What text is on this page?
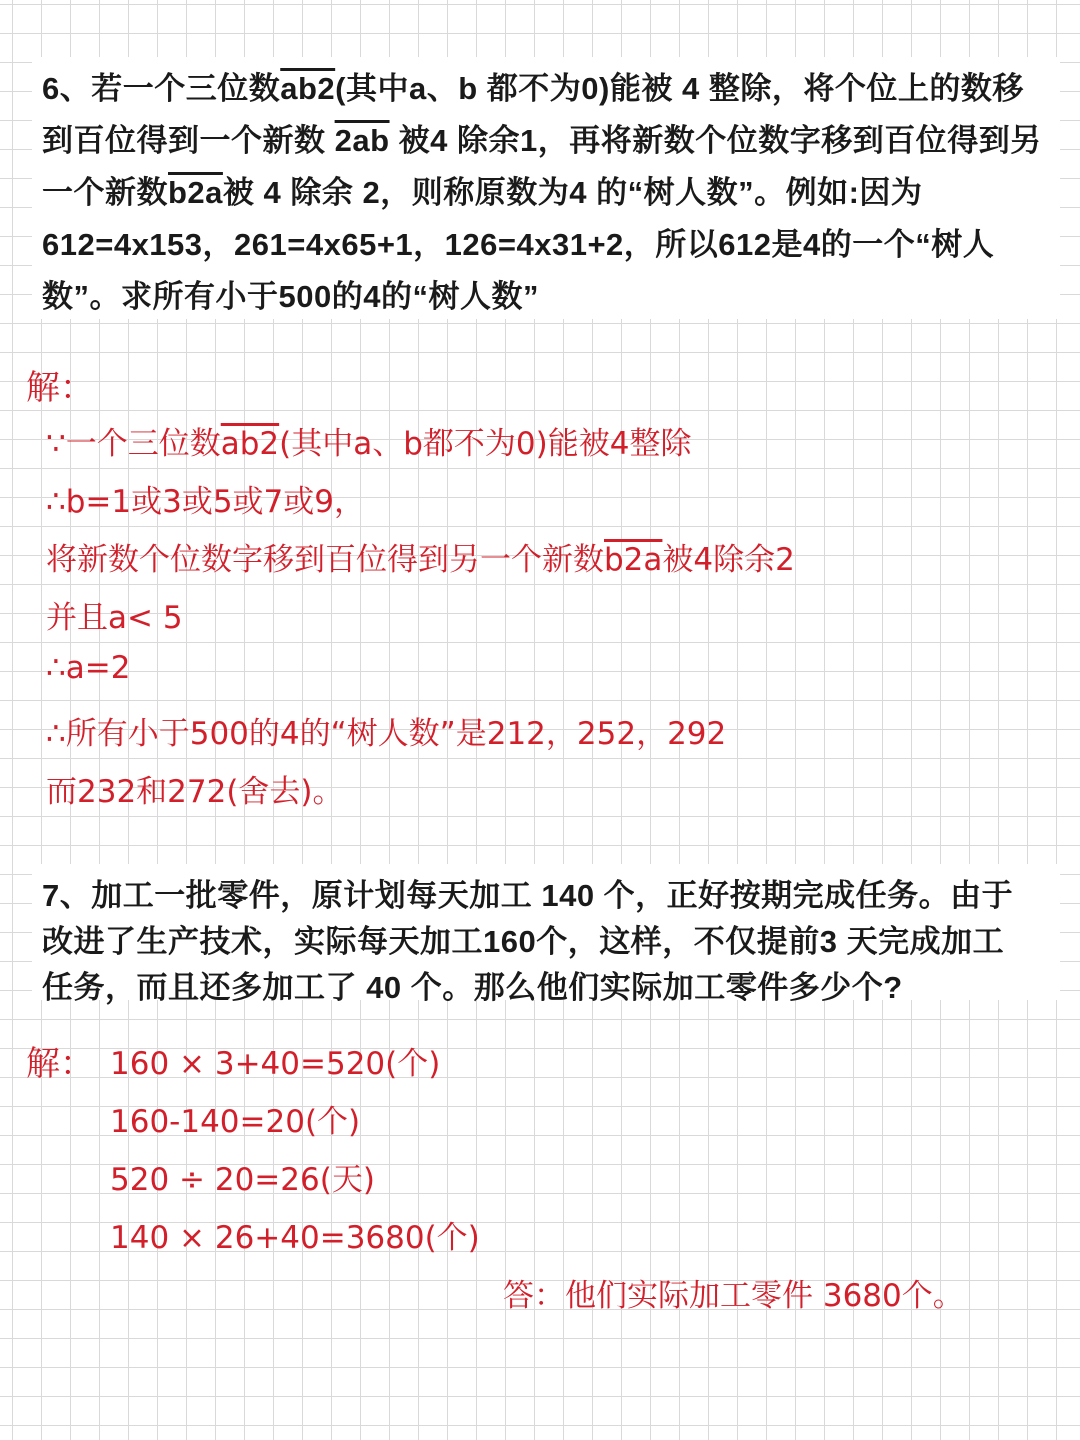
6、若一个三位数ab2(其中a、b 都不为0)能被 4 整除，将个位上的数移
到百位得到一个新数 2ab 被4 除余1，再将新数个位数字移到百位得到另
一个新数b2a被 4 除余 2，则称原数为4 的“树人数”。例如:因为
612=4x153，261=4x65+1，126=4x31+2，所以612是4的一个“树人
数”。求所有小于500的4的“树人数”
解：
∵一个三位数ab2(其中a、b都不为0)能被4整除
∴b=1或3或5或7或9，
将新数个位数字移到百位得到另一个新数b2a被4除余2
并且a< 5
∴a=2
∴所有小于500的4的“树人数”是212，252，292
而232和272(舍去)。
7、加工一批零件，原计划每天加工 140 个，正好按期完成任务。由于
改进了生产技术，实际每天加工160个，这样，不仅提前3 天完成加工
任务，而且还多加工了 40 个。那么他们实际加工零件多少个?
解： 160 × 3+40=520(个)
160-140=20(个)
520 ÷ 20=26(天)
140 × 26+40=3680(个)
答：他们实际加工零件 3680个。
